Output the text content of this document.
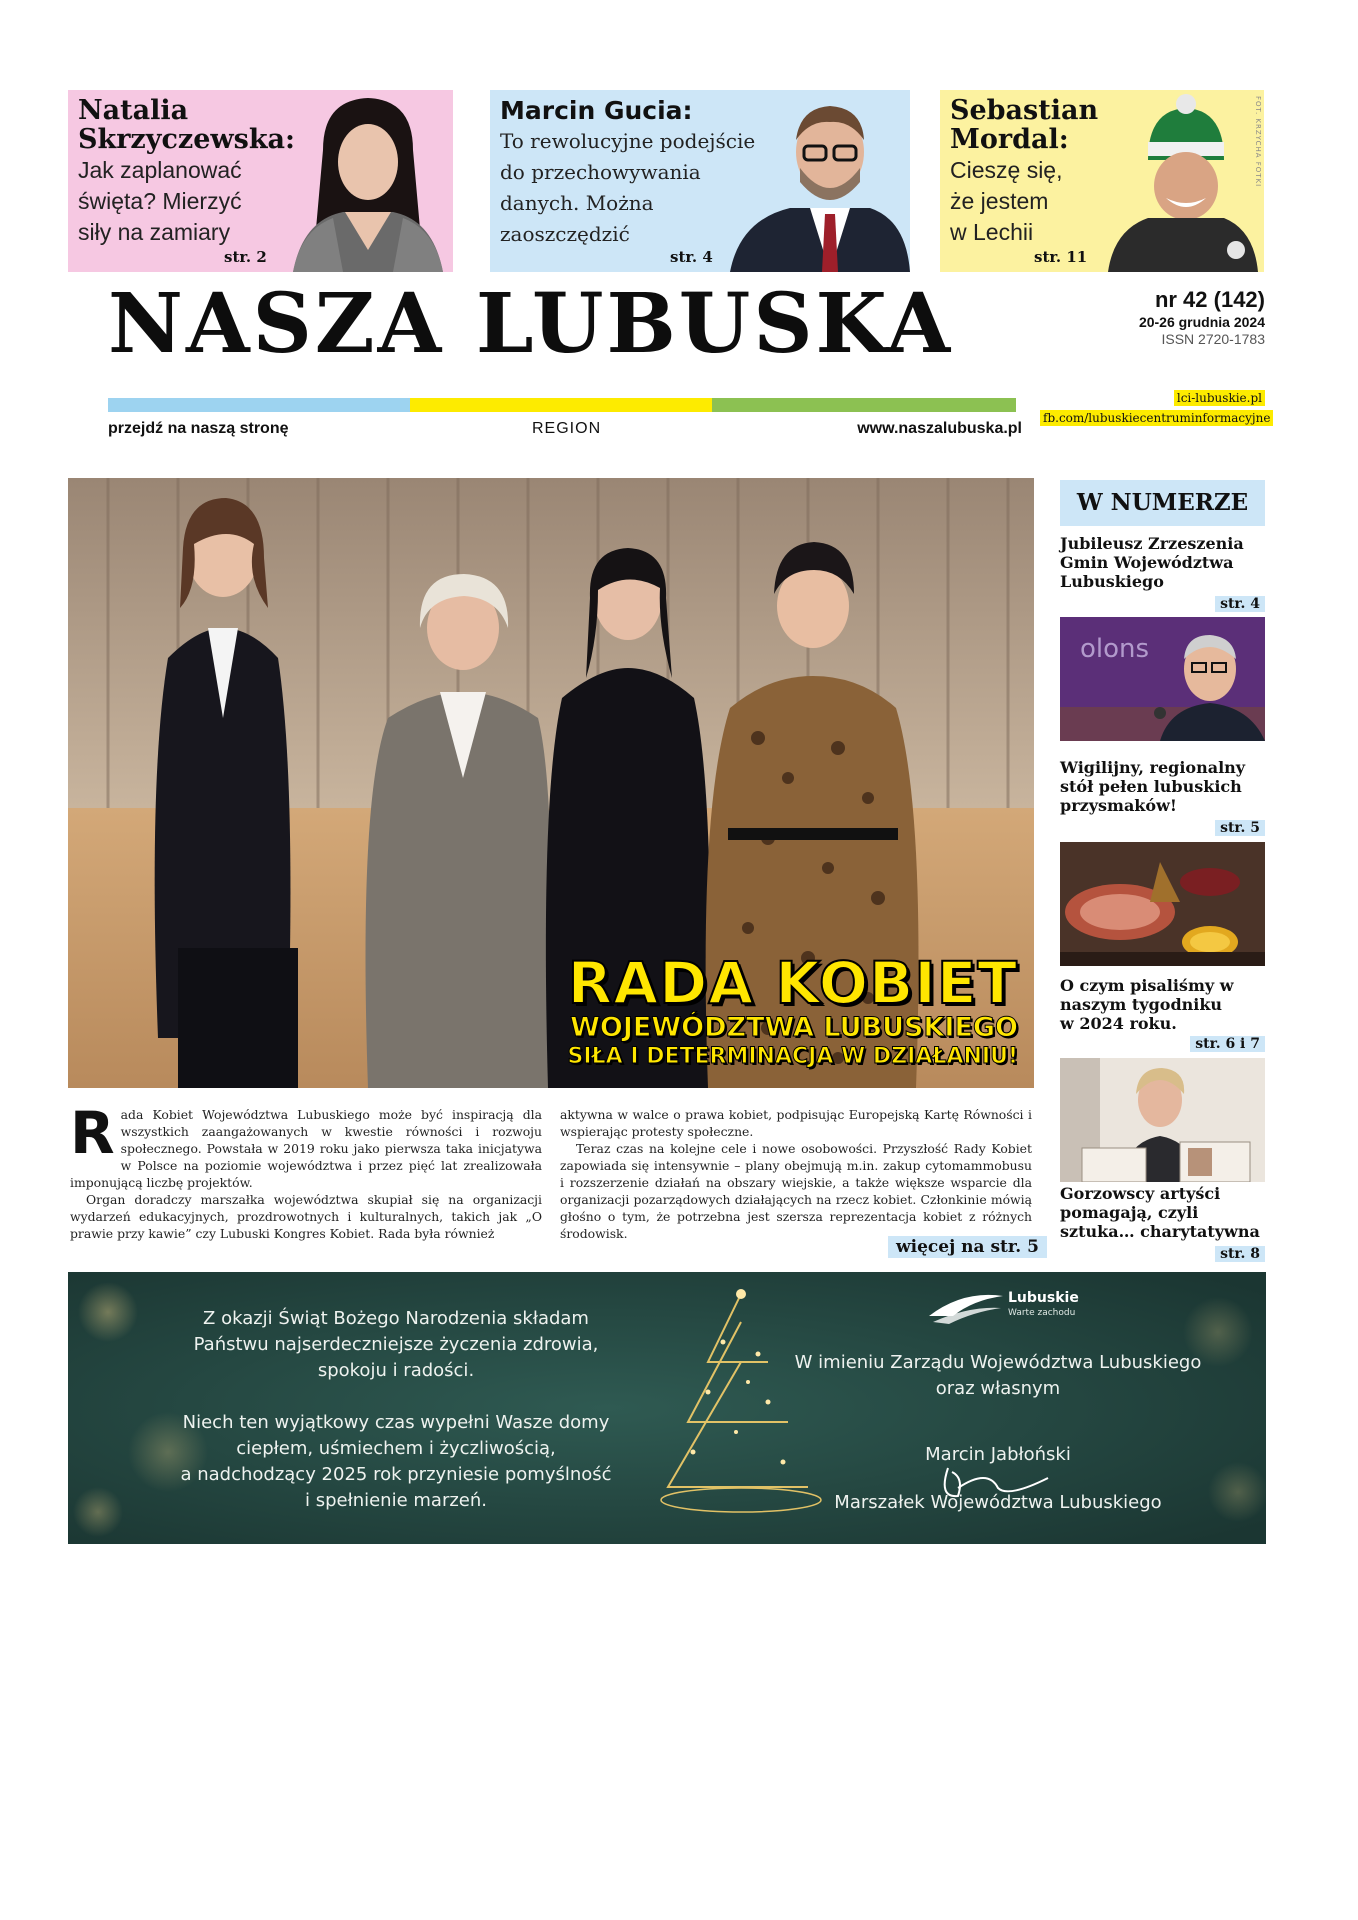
Natalia
Skrzyczewska:
Jak zaplanować
święta? Mierzyć
siły na zamiary
str. 2
Marcin Gucia:
To rewolucyjne podejście
do przechowywania
danych. Można
zaoszczędzić
str. 4
Sebastian
Mordal:
Cieszę się,
że jestem
w Lechii
str. 11
FOT. KRZYCHA FOTKI
NASZA LUBUSKA	nr 42 (142)
20-26 grudnia 2024
ISSN 2720-1783
lci-lubuskie.pl
fb.com/lubuskiecentruminformacyjne
przejdź na naszą stronę	REGION	www.naszalubuska.pl
RADA KOBIET
WOJEWÓDZTWA LUBUSKIEGO
SIŁA I DETERMINACJA W DZIAŁANIU!

Rada Kobiet Województwa Lubuskiego może być inspiracją dla wszystkich zaangażowanych w kwestie równości i rozwoju społecznego. Powstała w 2019 roku jako pierwsza taka inicjatywa w Polsce na poziomie województwa i przez pięć lat zrealizowała imponującą liczbę projektów.

Organ doradczy marszałka województwa skupiał się na organizacji wydarzeń edukacyjnych, prozdrowotnych i kulturalnych, takich jak „O prawie przy kawie” czy Lubuski Kongres Kobiet. Rada była również

aktywna w walce o prawa kobiet, podpisując Europejską Kartę Równości i wspierając protesty społeczne.

Teraz czas na kolejne cele i nowe osobowości. Przyszłość Rady Kobiet zapowiada się intensywnie – plany obejmują m.in. zakup cytomammobusu i rozszerzenie działań na obszary wiejskie, a także większe wsparcie dla organizacji pozarządowych działających na rzecz kobiet. Członkinie mówią głośno o tym, że potrzebna jest szersza reprezentacja kobiet z różnych środowisk.

więcej na str. 5
W NUMERZE
Jubileusz Zrzeszenia
Gmin Województwa
Lubuskiego
str. 4
olons
Wigilijny, regionalny
stół pełen lubuskich
przysmaków!
str. 5
O czym pisaliśmy w
naszym tygodniku
w 2024 roku.
str. 6 i 7
Gorzowscy artyści
pomagają, czyli
sztuka… charytatywna
str. 8

Z okazji Świąt Bożego Narodzenia składam
Państwu najserdeczniejsze życzenia zdrowia,
spokoju i radości.

Niech ten wyjątkowy czas wypełni Wasze domy
ciepłem, uśmiechem i życzliwością,
a nadchodzący 2025 rok przyniesie pomyślność
i spełnienie marzeń.

Lubuskie
Warte zachodu
W imieniu Zarządu Województwa Lubuskiego
oraz własnym
Marcin Jabłoński
Marszałek Województwa Lubuskiego
